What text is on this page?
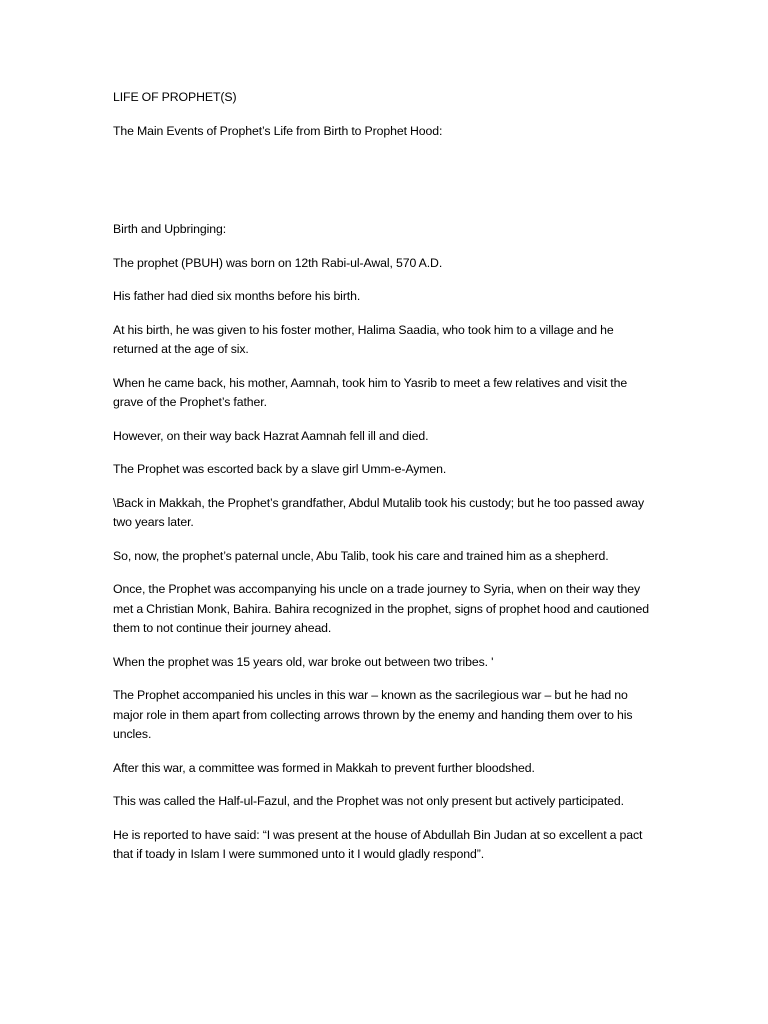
LIFE OF PROPHET(S)

The Main Events of Prophet’s Life from Birth to Prophet Hood:

Birth and Upbringing:

The prophet (PBUH) was born on 12th Rabi-ul-Awal, 570 A.D.

His father had died six months before his birth.

At his birth, he was given to his foster mother, Halima Saadia, who took him to a village and he returned at the age of six.

When he came back, his mother, Aamnah, took him to Yasrib to meet a few relatives and visit the grave of the Prophet’s father.

However, on their way back Hazrat Aamnah fell ill and died.

The Prophet was escorted back by a slave girl Umm-e-Aymen.

\Back in Makkah, the Prophet’s grandfather, Abdul Mutalib took his custody; but he too passed away two years later.

So, now, the prophet’s paternal uncle, Abu Talib, took his care and trained him as a shepherd.

Once, the Prophet was accompanying his uncle on a trade journey to Syria, when on their way they met a Christian Monk, Bahira. Bahira recognized in the prophet, signs of prophet hood and cautioned them to not continue their journey ahead.

When the prophet was 15 years old, war broke out between two tribes. '

The Prophet accompanied his uncles in this war – known as the sacrilegious war – but he had no major role in them apart from collecting arrows thrown by the enemy and handing them over to his uncles.

After this war, a committee was formed in Makkah to prevent further bloodshed.

This was called the Half-ul-Fazul, and the Prophet was not only present but actively participated.

He is reported to have said: “I was present at the house of Abdullah Bin Judan at so excellent a pact that if toady in Islam I were summoned unto it I would gladly respond”.
